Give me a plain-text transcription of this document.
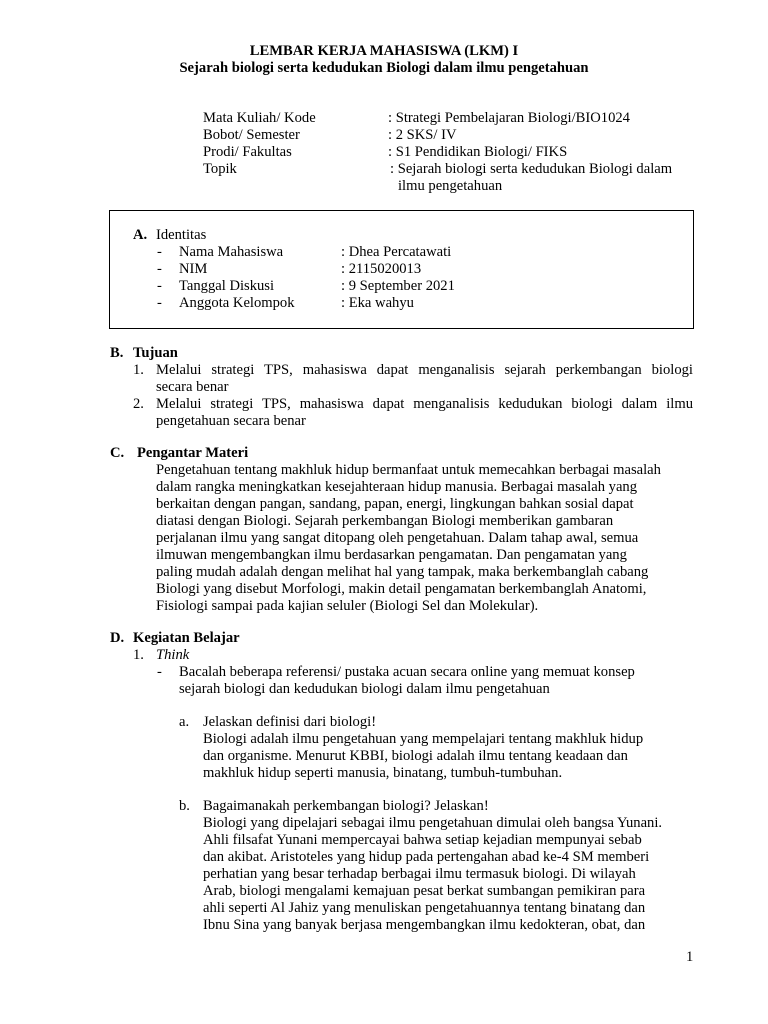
LEMBAR KERJA MAHASISWA (LKM) I
Sejarah biologi serta kedudukan Biologi dalam ilmu pengetahuan
Mata Kuliah/ Kode	: Strategi Pembelajaran Biologi/BIO1024
Bobot/ Semester	: 2 SKS/ IV
Prodi/ Fakultas	: S1 Pendidikan Biologi/ FIKS
Topik	: Sejarah biologi serta kedudukan Biologi dalam
ilmu pengetahuan
A. Identitas
- Nama Mahasiswa	: Dhea Percatawati
- NIM	: 2115020013
- Tanggal Diskusi	: 9 September 2021
- Anggota Kelompok	: Eka wahyu
B. Tujuan
1. Melalui strategi TPS, mahasiswa dapat menganalisis sejarah perkembangan biologi
secara benar
2. Melalui strategi TPS, mahasiswa dapat menganalisis kedudukan biologi dalam ilmu
pengetahuan secara benar
C. Pengantar Materi
Pengetahuan tentang makhluk hidup bermanfaat untuk memecahkan berbagai masalah
dalam rangka meningkatkan kesejahteraan hidup manusia. Berbagai masalah yang
berkaitan dengan pangan, sandang, papan, energi, lingkungan bahkan sosial dapat
diatasi dengan Biologi. Sejarah perkembangan Biologi memberikan gambaran
perjalanan ilmu yang sangat ditopang oleh pengetahuan. Dalam tahap awal, semua
ilmuwan mengembangkan ilmu berdasarkan pengamatan. Dan pengamatan yang
paling mudah adalah dengan melihat hal yang tampak, maka berkembanglah cabang
Biologi yang disebut Morfologi, makin detail pengamatan berkembanglah Anatomi,
Fisiologi sampai pada kajian seluler (Biologi Sel dan Molekular).
D. Kegiatan Belajar
1. Think
- Bacalah beberapa referensi/ pustaka acuan secara online yang memuat konsep
sejarah biologi dan kedudukan biologi dalam ilmu pengetahuan
a. Jelaskan definisi dari biologi!
Biologi adalah ilmu pengetahuan yang mempelajari tentang makhluk hidup
dan organisme. Menurut KBBI, biologi adalah ilmu tentang keadaan dan
makhluk hidup seperti manusia, binatang, tumbuh-tumbuhan.
b. Bagaimanakah perkembangan biologi? Jelaskan!
Biologi yang dipelajari sebagai ilmu pengetahuan dimulai oleh bangsa Yunani.
Ahli filsafat Yunani mempercayai bahwa setiap kejadian mempunyai sebab
dan akibat. Aristoteles yang hidup pada pertengahan abad ke-4 SM memberi
perhatian yang besar terhadap berbagai ilmu termasuk biologi. Di wilayah
Arab, biologi mengalami kemajuan pesat berkat sumbangan pemikiran para
ahli seperti Al Jahiz yang menuliskan pengetahuannya tentang binatang dan
Ibnu Sina yang banyak berjasa mengembangkan ilmu kedokteran, obat, dan
1
